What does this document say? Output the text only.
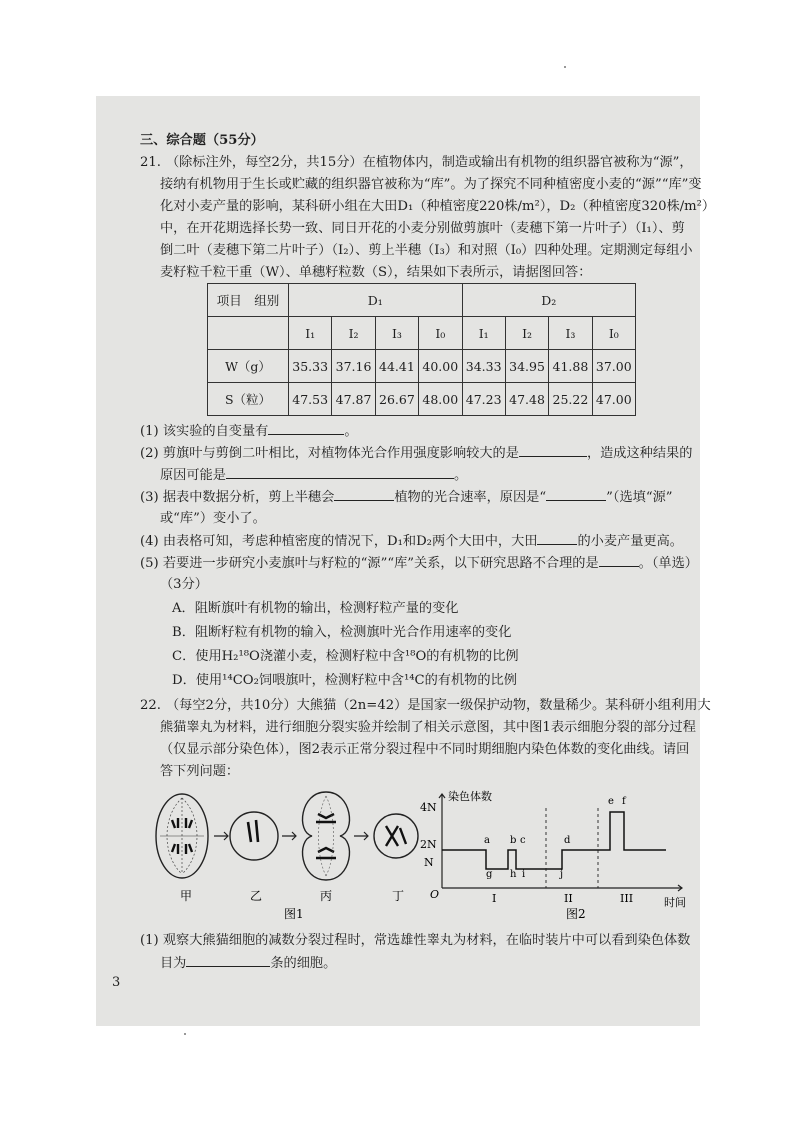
三、综合题（55分）
21. （除标注外，每空2分，共15分）在植物体内，制造或输出有机物的组织器官被称为“源”，
接纳有机物用于生长或贮藏的组织器官被称为“库”。为了探究不同种植密度小麦的“源”“库”变
化对小麦产量的影响，某科研小组在大田D₁（种植密度220株/m²），D₂（种植密度320株/m²）
中，在开花期选择长势一致、同日开花的小麦分别做剪旗叶（麦穗下第一片叶子）（I₁）、剪
倒二叶（麦穗下第二片叶子）（I₂）、剪上半穗（I₃）和对照（I₀）四种处理。定期测定每组小
麦籽粒千粒干重（W）、单穗籽粒数（S），结果如下表所示，请据图回答：
项目　组别	D₁				D₂			
	I₁	I₂	I₃	I₀	I₁	I₂	I₃	I₀
W（g）	35.33	37.16	44.41	40.00	34.33	34.95	41.88	37.00
S（粒）	47.53	47.87	26.67	48.00	47.23	47.48	25.22	47.00
(1) 该实验的自变量有	。
(2) 剪旗叶与剪倒二叶相比，对植物体光合作用强度影响较大的是	，造成这种结果的
原因可能是	。
(3) 据表中数据分析，剪上半穗会	植物的光合速率，原因是“	”（选填“源”
或“库”）变小了。
(4) 由表格可知，考虑种植密度的情况下，D₁和D₂两个大田中，大田	的小麦产量更高。
(5) 若要进一步研究小麦旗叶与籽粒的“源”“库”关系，以下研究思路不合理的是	。（单选）
（3分）
A．阻断旗叶有机物的输出，检测籽粒产量的变化
B．阻断籽粒有机物的输入，检测旗叶光合作用速率的变化
C．使用H₂¹⁸O浇灌小麦，检测籽粒中含¹⁸O的有机物的比例
D．使用¹⁴CO₂饲喂旗叶，检测籽粒中含¹⁴C的有机物的比例
22. （每空2分，共10分）大熊猫（2n=42）是国家一级保护动物，数量稀少。某科研小组利用大
熊猫睾丸为材料，进行细胞分裂实验并绘制了相关示意图，其中图1表示细胞分裂的部分过程
（仅显示部分染色体），图2表示正常分裂过程中不同时期细胞内染色体数的变化曲线。请回
答下列问题：
甲	乙	丙	丁
图1
染色体数
4N
2N
N
O
时间
I	II	III
a b c	d
e f
g h i	j
图2
(1) 观察大熊猫细胞的减数分裂过程时，常选雄性睾丸为材料，在临时装片中可以看到染色体数
目为	条的细胞。
3
